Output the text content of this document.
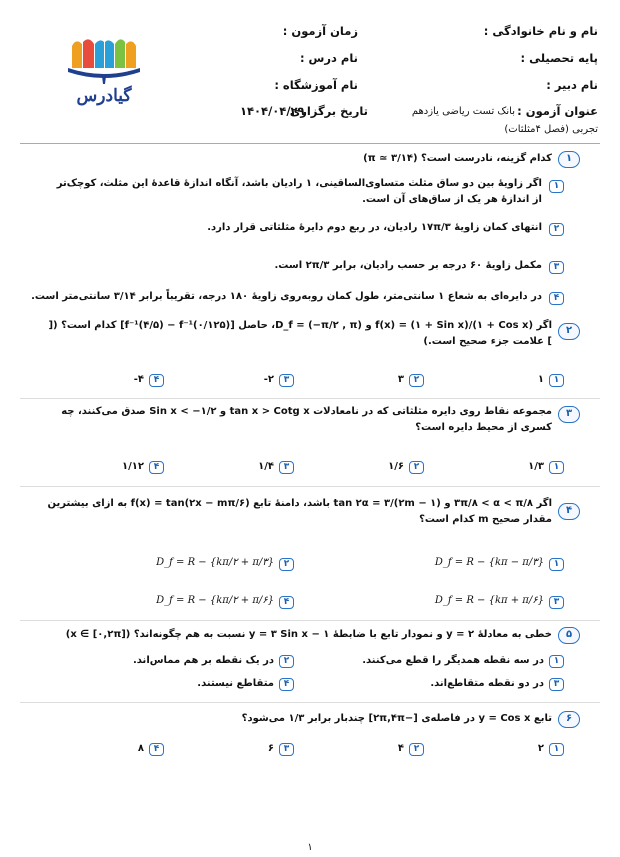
نام و نام خانوادگی :
پایه تحصیلی :
نام دبیر :
زمان آزمون :
نام درس :
نام آموزشگاه :
عنوان آزمون :
بانک تست ریاضی یازدهم
تاریخ برگزاری
۱۴۰۴/۰۴/۲۹
تجربی (فصل ۴مثلثات)
گیادرس
۱
کدام گزینه، نادرست است؟ (π ≃ ۳/۱۴)
۱
اگر زاویهٔ بین دو ساق مثلث متساوی‌الساقینی، ۱ رادیان باشد، آنگاه اندازهٔ قاعدهٔ این مثلث، کوچک‌تر از اندازهٔ هر یک از ساق‌های آن است.
۲
انتهای کمان زاویهٔ ۱۷π/۳ رادیان، در ربع دوم دایرهٔ مثلثاتی قرار دارد.
۳
مکمل زاویهٔ ۶۰ درجه بر حسب رادیان، برابر ۲π/۳ است.
۴
در دایره‌ای به شعاع ۱ سانتی‌متر، طول کمان روبه‌روی زاویهٔ ۱۸۰ درجه، تقریباً برابر ۳/۱۴ سانتی‌متر است.
۲
اگر f(x) = (۱ + Sin x)/(۱ + Cos x) و D_f = (−π/۲ , π)، حاصل [f⁻¹(۴/۵) − f⁻¹(۰/۱۲۵)] کدام است؟ ([ ] علامت جزء صحیح است.)
۱
۱
۲
۳
۳
-۲
۴
-۴
۳
مجموعه نقاط روی دایره مثلثاتی که در نامعادلات tan x > Cotg x و Sin x < −۱/۲ صدق می‌کنند، چه کسری از محیط دایره است؟
۱
۱/۳
۲
۱/۶
۳
۱/۴
۴
۱/۱۲
۴
اگر ۳π/۸ < α < π/۸ و tan ۲α = ۳/(۲m − ۱) باشد، دامنهٔ تابع f(x) = tan(۲x − mπ/۶) به ازای بیشترین مقدار صحیح m کدام است؟
۱
D_f = R − {kπ − π/۳}
۲
D_f = R − {kπ/۲ + π/۳}
۳
D_f = R − {kπ + π/۶}
۴
D_f = R − {kπ/۲ + π/۶}
۵
خطی به معادلهٔ y = ۲ و نمودار تابع با ضابطهٔ y = ۳ Sin x − ۱ نسبت به هم چگونه‌اند؟ (x ∈ [۰,۲π])
۱
در سه نقطه همدیگر را قطع می‌کنند.
۲
در یک نقطه بر هم مماس‌اند.
۳
در دو نقطه متقاطع‌اند.
۴
متقاطع نیستند.
۶
تابع y = Cos x در فاصله‌ی [−۲π,۴π] چندبار برابر ۱/۳ می‌شود؟
۱
۲
۲
۴
۳
۶
۴
۸
۱
